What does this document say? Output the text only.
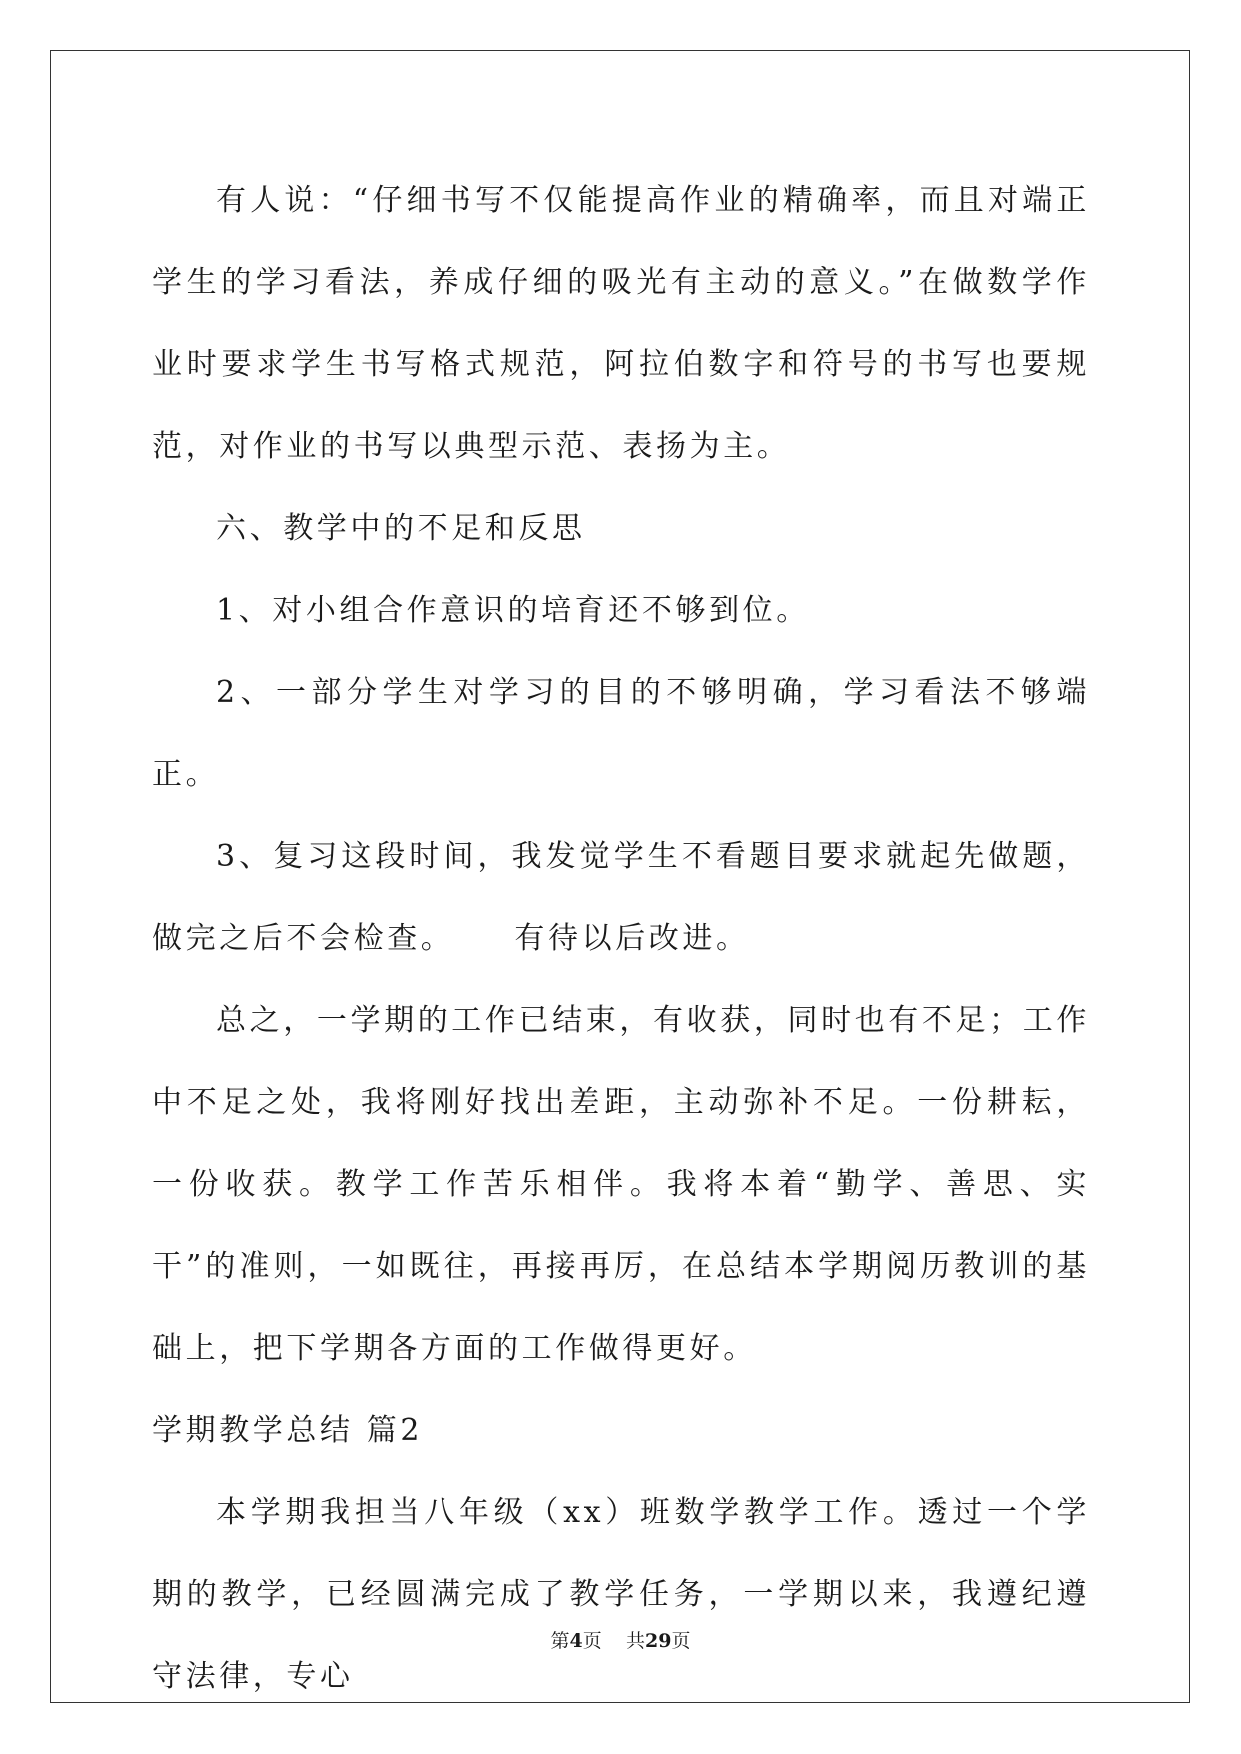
有人说：“仔细书写不仅能提高作业的精确率，而且对端正学生的学习看法，养成仔细的吸光有主动的意义。”在做数学作业时要求学生书写格式规范，阿拉伯数字和符号的书写也要规范，对作业的书写以典型示范、表扬为主。

六、教学中的不足和反思

1、对小组合作意识的培育还不够到位。

2、一部分学生对学习的目的不够明确，学习看法不够端正。

3、复习这段时间，我发觉学生不看题目要求就起先做题，做完之后不会检查。 有待以后改进。

总之，一学期的工作已结束，有收获，同时也有不足；工作中不足之处，我将刚好找出差距，主动弥补不足。一份耕耘，一份收获。教学工作苦乐相伴。我将本着“勤学、善思、实干”的准则，一如既往，再接再厉，在总结本学期阅历教训的基础上，把下学期各方面的工作做得更好。

学期教学总结 篇2

本学期我担当八年级（xx）班数学教学工作。透过一个学期的教学，已经圆满完成了教学任务，一学期以来，我遵纪遵守法律，专心

第4页 共29页
